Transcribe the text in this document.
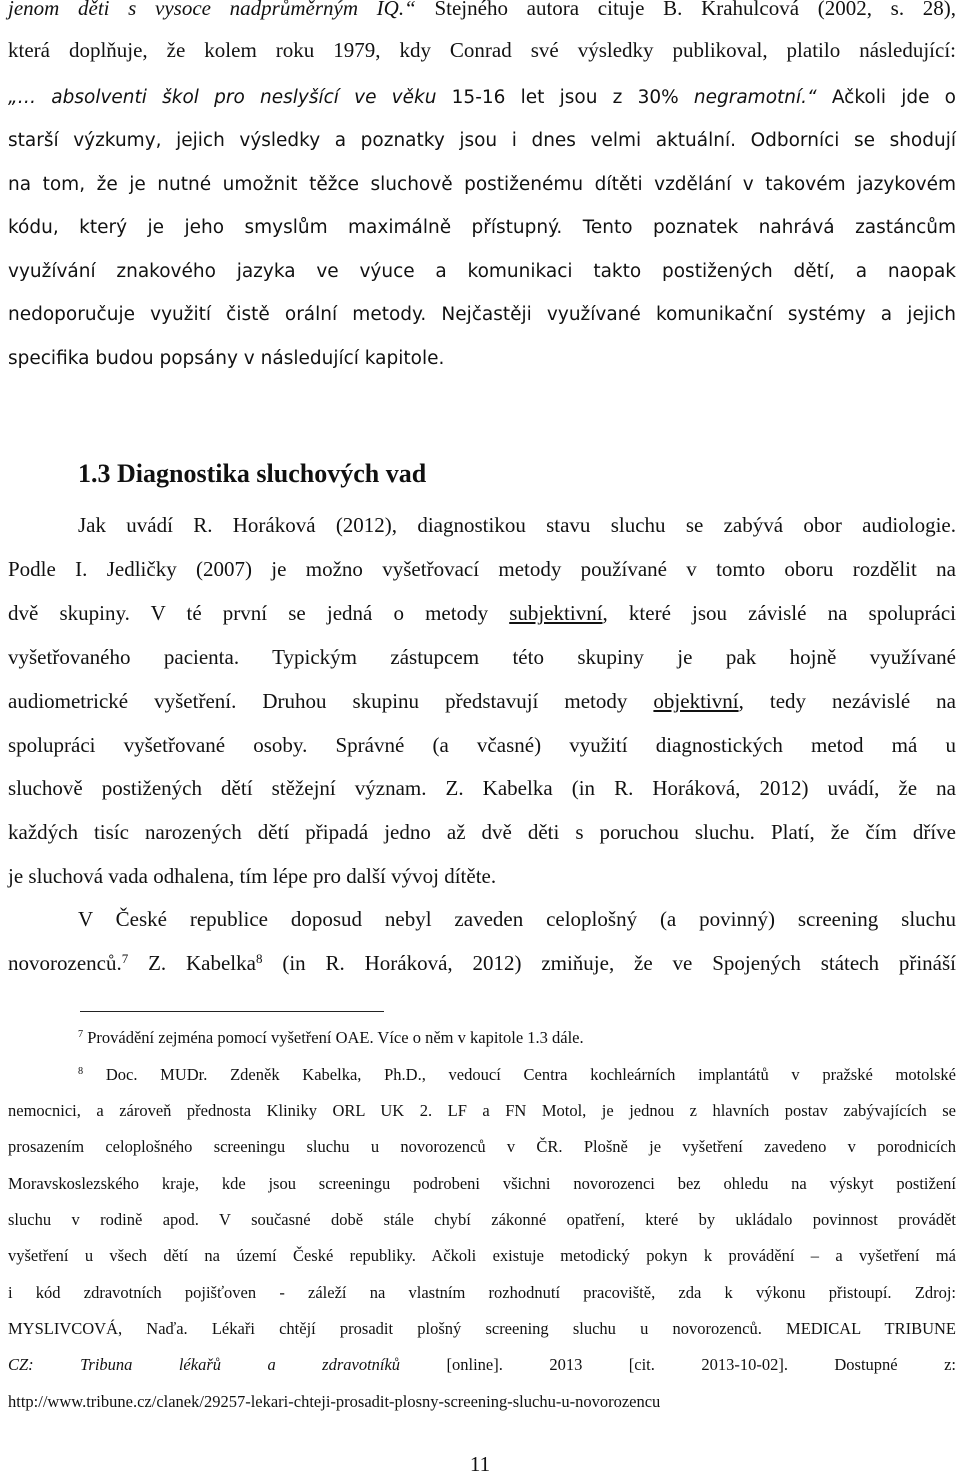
jenom děti s vysoce nadprůměrným IQ.“ Stejného autora cituje B. Krahulcová (2002, s. 28),
která doplňuje, že kolem roku 1979, kdy Conrad své výsledky publikoval, platilo následující:
„… absolventi škol pro neslyšící ve věku 15-16 let jsou z 30% negramotní.“ Ačkoli jde o
starší výzkumy, jejich výsledky a poznatky jsou i dnes velmi aktuální. Odborníci se shodují
na tom, že je nutné umožnit těžce sluchově postiženému dítěti vzdělání v takovém jazykovém
kódu, který je jeho smyslům maximálně přístupný. Tento poznatek nahrává zastáncům
využívání znakového jazyka ve výuce a komunikaci takto postižených dětí, a naopak
nedoporučuje využití čistě orální metody. Nejčastěji využívané komunikační systémy a jejich
specifika budou popsány v následující kapitole.
1.3 Diagnostika sluchových vad
Jak uvádí R. Horáková (2012), diagnostikou stavu sluchu se zabývá obor audiologie.
Podle I. Jedličky (2007) je možno vyšetřovací metody používané v tomto oboru rozdělit na
dvě skupiny. V té první se jedná o metody subjektivní, které jsou závislé na spolupráci
vyšetřovaného pacienta. Typickým zástupcem této skupiny je pak hojně využívané
audiometrické vyšetření. Druhou skupinu představují metody objektivní, tedy nezávislé na
spolupráci vyšetřované osoby. Správné (a včasné) využití diagnostických metod má u
sluchově postižených dětí stěžejní význam. Z. Kabelka (in R. Horáková, 2012) uvádí, že na
každých tisíc narozených dětí připadá jedno až dvě děti s poruchou sluchu. Platí, že čím dříve
je sluchová vada odhalena, tím lépe pro další vývoj dítěte.
V České republice doposud nebyl zaveden celoplošný (a povinný) screening sluchu
novorozenců.$^7$ Z. Kabelka$^8$ (in R. Horáková, 2012) zmiňuje, že ve Spojených státech přináší
$^7$ Provádění zejména pomocí vyšetření OAE. Více o něm v kapitole 1.3 dále.
$^8$ Doc. MUDr. Zdeněk Kabelka, Ph.D., vedoucí Centra kochleárních implantátů v pražské motolské
nemocnici, a zároveň přednosta Kliniky ORL UK 2. LF a FN Motol, je jednou z hlavních postav zabývajících se
prosazením celoplošného screeningu sluchu u novorozenců v ČR. Plošně je vyšetření zavedeno v porodnicích
Moravskoslezského kraje, kde jsou screeningu podrobeni všichni novorozenci bez ohledu na výskyt postižení
sluchu v rodině apod. V současné době stále chybí zákonné opatření, které by ukládalo povinnost provádět
vyšetření u všech dětí na území České republiky. Ačkoli existuje metodický pokyn k provádění – a vyšetření má
i kód zdravotních pojišťoven - záleží na vlastním rozhodnutí pracoviště, zda k výkonu přistoupí. Zdroj:
MYSLIVCOVÁ, Naďa. Lékaři chtějí prosadit plošný screening sluchu u novorozenců. MEDICAL TRIBUNE
CZ: Tribuna lékařů a zdravotníků [online]. 2013 [cit. 2013-10-02]. Dostupné z:
http://www.tribune.cz/clanek/29257-lekari-chteji-prosadit-plosny-screening-sluchu-u-novorozencu
11
